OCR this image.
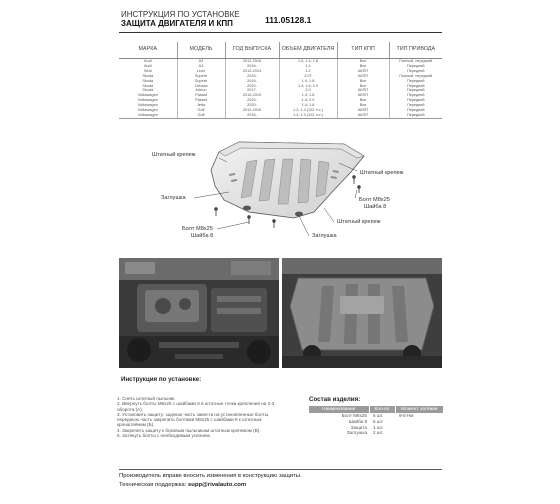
ИНСТРУКЦИЯ ПО УСТАНОВКЕ
ЗАЩИТА ДВИГАТЕЛЯ И КПП	111.05128.1
МАРКА	МОДЕЛЬ	ГОД ВЫПУСКА	ОБЪЕМ ДВИГАТЕЛЯ	ТИП КПП	ТИП ПРИВОДА
Audi	A3	2012-2016	1.2; 1.4; 1.8	Все	Полный, передний
Audi	A3	2016-	1.4	Все	Передний
Seat	Leon	2013-2014	1.2	АКПП	Передний
Skoda	Superb	2015-	2.0Т	АКПП	Полный, передний
Skoda	Superb	2019-	1.4; 1.8	Все	Передний
Skoda	Octavia	2020-	1.4; 1.6; 2.0	Все	Передний
Skoda	Arteon	2017-	2.0	АКПП	Передний
Volkswagen	Passat	2015-2019	1.4; 1.8	АКПП	Передний
Volkswagen	Passat	2020-	1.4; 2.0	Все	Передний
Volkswagen	Jetta	2020-	1.4; 1.6	Все	Передний
Volkswagen	Golf	2012-2016	1.2; 1.4 (122 л.с.)	АКПП	Передний
Volkswagen	Golf	2016-	1.2; 1.4 (122 л.с.)	АКПП	Передний
Штатный крепеж
Заглушка
Болт М8х25
Шайба 8	Заглушка
Штатный крепеж
Болт М8х25
Шайба 8
Штатный крепеж
Инструкция по установке:
1. Снять штатный пыльник.
2. Ввернуть болты М8х25 с шайбами 8 в штатные точки крепления на 2-3
оборота (А).
3. Установить защиту: заднюю часть завести на установленные болты,
переднюю часть закрепить болтами М8х25 с шайбами 8 к штатным
кронштейнам (Б).
4. Закрепить защиту к боковым пыльникам штатным крепежом (В).
5. Затянуть болты с необходимым усилием.
Состав изделия:
Наименование	Кол-во	Момент затяжки
Болт М8х25	5 шт.	9-8 Нм
Шайба 8	5 шт.	
Защита	1 шт.	
Заглушка	2 шт.	
Производитель вправе вносить изменения в конструкцию защиты.
Техническая поддержка: supp@rivalauto.com
